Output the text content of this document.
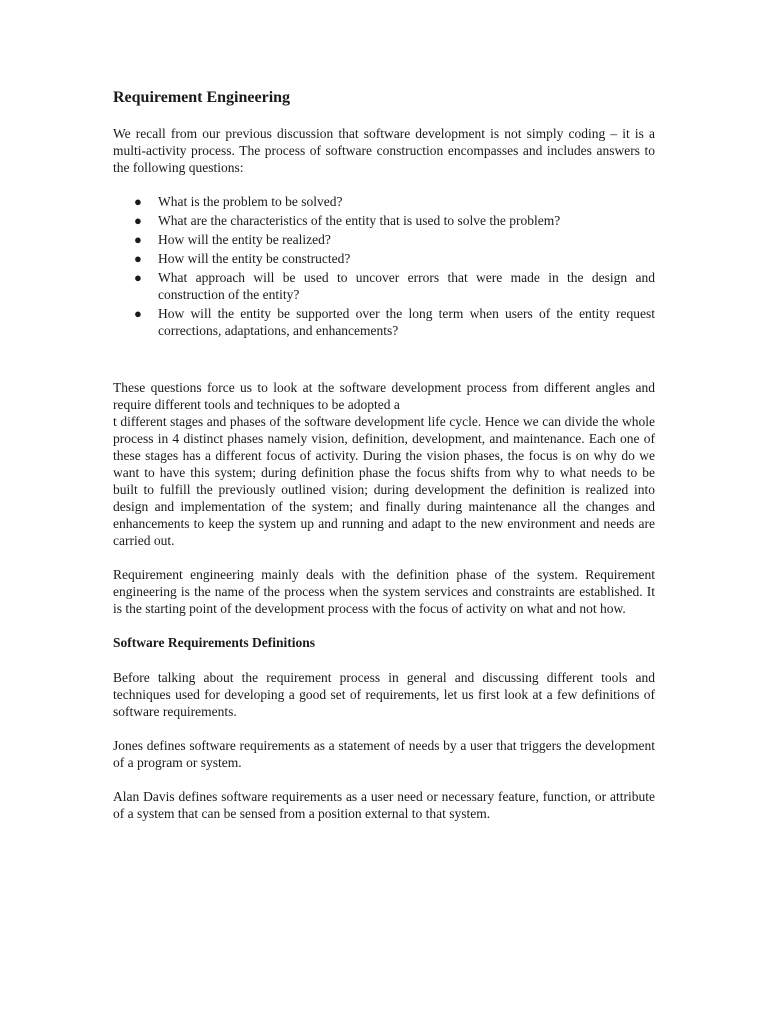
Requirement Engineering

We recall from our previous discussion that software development is not simply coding – it is a multi-activity process. The process of software construction encompasses and includes answers to the following questions:

● What is the problem to be solved?
● What are the characteristics of the entity that is used to solve the problem?
● How will the entity be realized?
● How will the entity be constructed?
● What approach will be used to uncover errors that were made in the design and construction of the entity?
● How will the entity be supported over the long term when users of the entity request corrections, adaptations, and enhancements?

These questions force us to look at the software development process from different angles and require different tools and techniques to be adopted a

t different stages and phases of the software development life cycle. Hence we can divide the whole process in 4 distinct phases namely vision, definition, development, and maintenance. Each one of these stages has a different focus of activity. During the vision phases, the focus is on why do we want to have this system; during definition phase the focus shifts from why to what needs to be built to fulfill the previously outlined vision; during development the definition is realized into design and implementation of the system; and finally during maintenance all the changes and enhancements to keep the system up and running and adapt to the new environment and needs are carried out.

Requirement engineering mainly deals with the definition phase of the system. Requirement engineering is the name of the process when the system services and constraints are established. It is the starting point of the development process with the focus of activity on what and not how.

Software Requirements Definitions

Before talking about the requirement process in general and discussing different tools and techniques used for developing a good set of requirements, let us first look at a few definitions of software requirements.

Jones defines software requirements as a statement of needs by a user that triggers the development of a program or system.

Alan Davis defines software requirements as a user need or necessary feature, function, or attribute of a system that can be sensed from a position external to that system.
